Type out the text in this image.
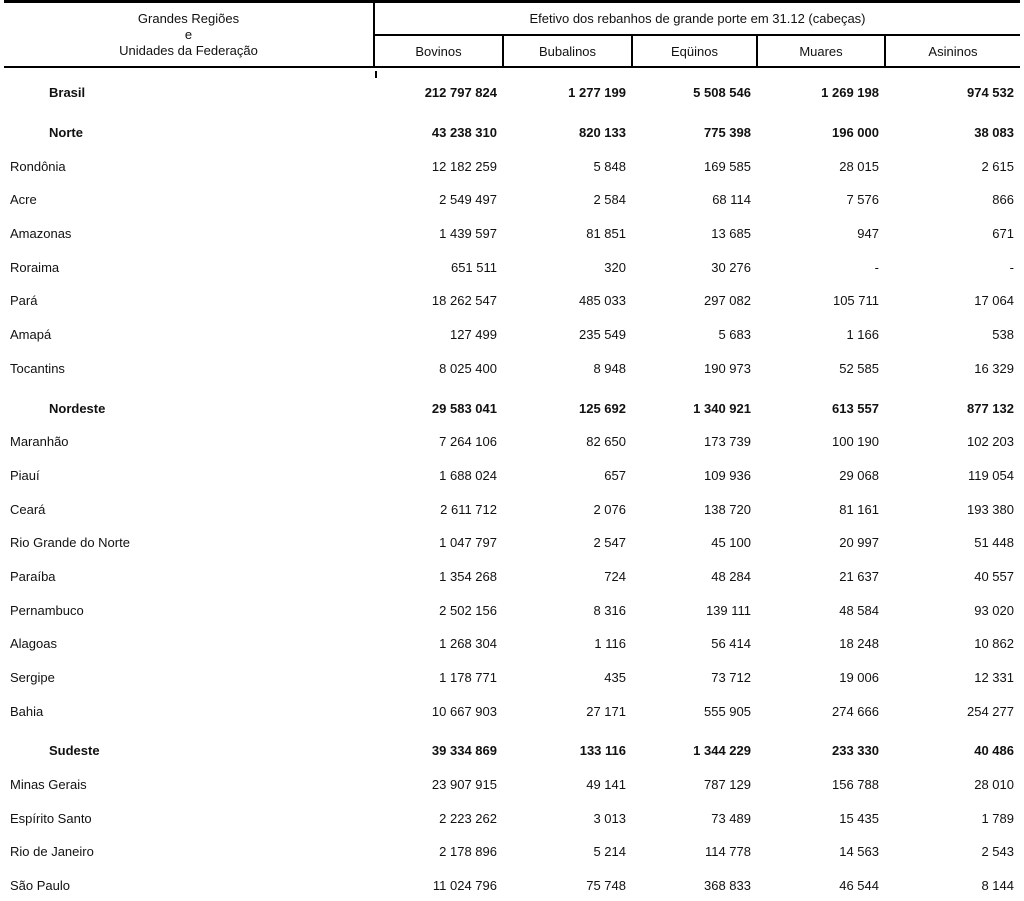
Grandes Regiões
e
Unidades da Federação
Efetivo dos rebanhos de grande porte em 31.12 (cabeças)
Bovinos	Bubalinos	Eqüinos	Muares	Asininos
Brasil	212 797 824	1 277 199	5 508 546	1 269 198	974 532
Norte	43 238 310	820 133	775 398	196 000	38 083
Rondônia	12 182 259	5 848	169 585	28 015	2 615
Acre	2 549 497	2 584	68 114	7 576	866
Amazonas	1 439 597	81 851	13 685	947	671
Roraima	651 511	320	30 276	-	-
Pará	18 262 547	485 033	297 082	105 711	17 064
Amapá	127 499	235 549	5 683	1 166	538
Tocantins	8 025 400	8 948	190 973	52 585	16 329
Nordeste	29 583 041	125 692	1 340 921	613 557	877 132
Maranhão	7 264 106	82 650	173 739	100 190	102 203
Piauí	1 688 024	657	109 936	29 068	119 054
Ceará	2 611 712	2 076	138 720	81 161	193 380
Rio Grande do Norte	1 047 797	2 547	45 100	20 997	51 448
Paraíba	1 354 268	724	48 284	21 637	40 557
Pernambuco	2 502 156	8 316	139 111	48 584	93 020
Alagoas	1 268 304	1 116	56 414	18 248	10 862
Sergipe	1 178 771	435	73 712	19 006	12 331
Bahia	10 667 903	27 171	555 905	274 666	254 277
Sudeste	39 334 869	133 116	1 344 229	233 330	40 486
Minas Gerais	23 907 915	49 141	787 129	156 788	28 010
Espírito Santo	2 223 262	3 013	73 489	15 435	1 789
Rio de Janeiro	2 178 896	5 214	114 778	14 563	2 543
São Paulo	11 024 796	75 748	368 833	46 544	8 144
